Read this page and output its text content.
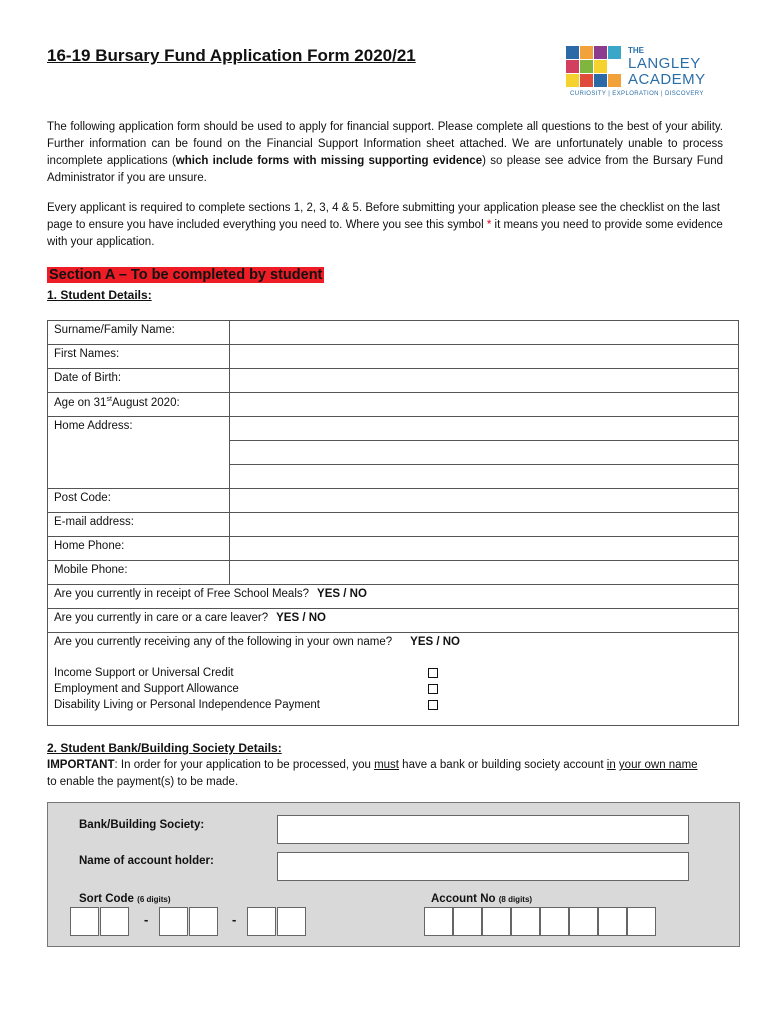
16-19 Bursary Fund Application Form 2020/21	THE
LANGLEY
ACADEMY
CURIOSITY | EXPLORATION | DISCOVERY
The following application form should be used to apply for financial support. Please complete all questions to the best of your ability. Further information can be found on the Financial Support Information sheet attached. We are unfortunately unable to process incomplete applications (which include forms with missing supporting evidence) so please see advice from the Bursary Fund Administrator if you are unsure.
Every applicant is required to complete sections 1, 2, 3, 4 & 5. Before submitting your application please see the checklist on the last page to ensure you have included everything you need to. Where you see this symbol * it means you need to provide some evidence with your application.
Section A – To be completed by student
1. Student Details:
Surname/Family Name:	
First Names:	
Date of Birth:	
Age on 31stAugust 2020:	
Home Address:	

Post Code:	
E-mail address:	
Home Phone:	
Mobile Phone:	
Are you currently in receipt of Free School Meals? YES / NO	
Are you currently in care or a care leaver? YES / NO	

Are you currently receiving any of the following in your own name? YES / NO
Income Support or Universal Credit
Employment and Support Allowance
Disability Living or Personal Independence Payment	
2. Student Bank/Building Society Details:
IMPORTANT: In order for your application to be processed, you must have a bank or building society account in your own name to enable the payment(s) to be made.
Bank/Building Society:
Name of account holder:
Sort Code (6 digits)	Account No (8 digits)
-	-
